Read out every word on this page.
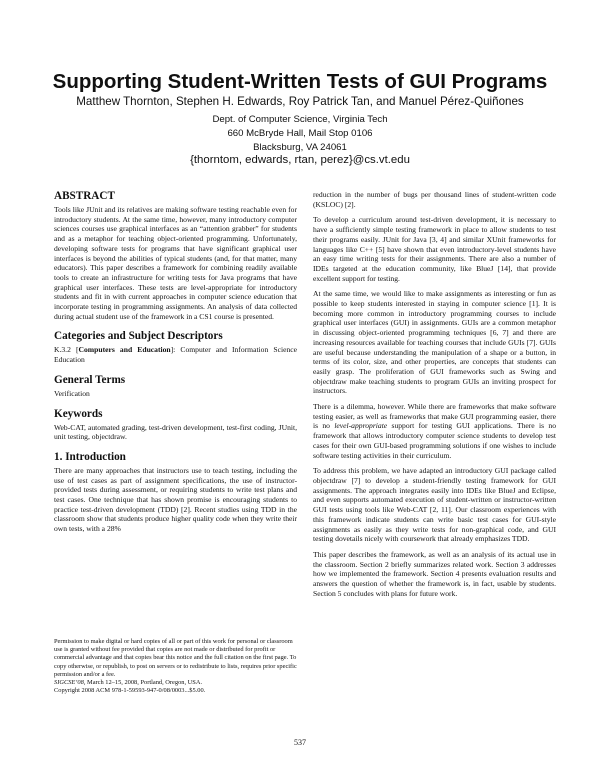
Supporting Student-Written Tests of GUI Programs
Matthew Thornton, Stephen H. Edwards, Roy Patrick Tan, and Manuel Pérez-Quiñones
Dept. of Computer Science, Virginia Tech
660 McBryde Hall, Mail Stop 0106
Blacksburg, VA 24061
{thorntom, edwards, rtan, perez}@cs.vt.edu
ABSTRACT

Tools like JUnit and its relatives are making software testing reachable even for introductory students. At the same time, however, many introductory computer sciences courses use graphical interfaces as an “attention grabber” for students and as a metaphor for teaching object-oriented programming. Unfortunately, developing software tests for programs that have significant graphical user interfaces is beyond the abilities of typical students (and, for that matter, many educators). This paper describes a framework for combining readily available tools to create an infrastructure for writing tests for Java programs that have graphical user interfaces. These tests are level-appropriate for introductory students and fit in with current approaches in computer science education that incorporate testing in programming assignments. An analysis of data collected during actual student use of the framework in a CS1 course is presented.

Categories and Subject Descriptors

K.3.2 [Computers and Education]: Computer and Information Science Education

General Terms

Verification

Keywords

Web-CAT, automated grading, test-driven development, test-first coding, JUnit, unit testing, objectdraw.

1. Introduction

There are many approaches that instructors use to teach testing, including the use of test cases as part of assignment specifications, the use of instructor-provided tests during assessment, or requiring students to write test plans and test cases. One technique that has shown promise is encouraging students to practice test-driven development (TDD) [2]. Recent studies using TDD in the classroom show that students produce higher quality code when they write their own tests, with a 28%

Permission to make digital or hard copies of all or part of this work for personal or classroom use is granted without fee provided that copies are not made or distributed for profit or commercial advantage and that copies bear this notice and the full citation on the first page. To copy otherwise, or republish, to post on servers or to redistribute to lists, requires prior specific permission and/or a fee.

SIGCSE’08, March 12–15, 2008, Portland, Oregon, USA.

Copyright 2008 ACM 978-1-59593-947-0/08/0003...$5.00.

reduction in the number of bugs per thousand lines of student-written code (KSLOC) [2].

To develop a curriculum around test-driven development, it is necessary to have a sufficiently simple testing framework in place to allow students to test their programs easily. JUnit for Java [3, 4] and similar XUnit frameworks for languages like C++ [5] have shown that even introductory-level students have an easy time writing tests for their assignments. There are also a number of IDEs targeted at the education community, like BlueJ [14], that provide excellent support for testing.

At the same time, we would like to make assignments as interesting or fun as possible to keep students interested in staying in computer science [1]. It is becoming more common in introductory programming courses to include graphical user interfaces (GUI) in assignments. GUIs are a common metaphor in discussing object-oriented programming techniques [6, 7] and there are increasing resources available for teaching courses that include GUIs [7]. GUIs are useful because understanding the manipulation of a shape or a button, in terms of its color, size, and other properties, are concepts that students can easily grasp. The proliferation of GUI frameworks such as Swing and objectdraw make teaching students to program GUIs an inviting prospect for instructors.

There is a dilemma, however. While there are frameworks that make software testing easier, as well as frameworks that make GUI programming easier, there is no level-appropriate support for testing GUI applications. There is no framework that allows introductory computer science students to develop test cases for their own GUI-based programming solutions if one wishes to include software testing activities in their curriculum.

To address this problem, we have adapted an introductory GUI package called objectdraw [7] to develop a student-friendly testing framework for GUI assignments. The approach integrates easily into IDEs like BlueJ and Eclipse, and even supports automated execution of student-written or instructor-written GUI tests using tools like Web-CAT [2, 11]. Our classroom experiences with this framework indicate students can write basic test cases for GUI-style assignments as easily as they write tests for non-graphical code, and GUI testing dovetails nicely with coursework that already emphasizes TDD.

This paper describes the framework, as well as an analysis of its actual use in the classroom. Section 2 briefly summarizes related work. Section 3 addresses how we implemented the framework. Section 4 presents evaluation results and answers the question of whether the framework is, in fact, usable by students. Section 5 concludes with plans for future work.

537
